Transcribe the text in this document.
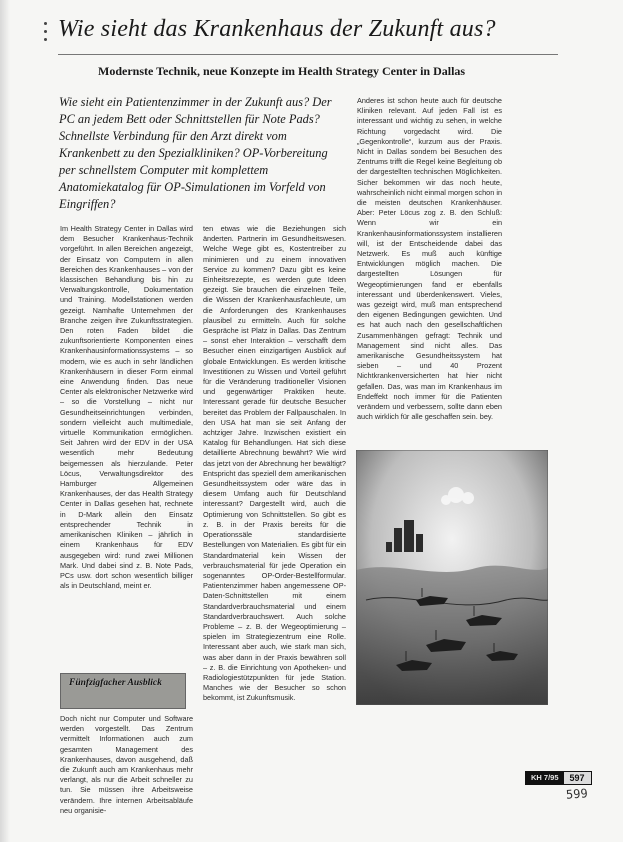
Wie sieht das Krankenhaus der Zukunft aus?
Modernste Technik, neue Konzepte im Health Strategy Center in Dallas
Wie sieht ein Patientenzimmer in der Zukunft aus? Der PC an jedem Bett oder Schnittstellen für Note Pads? Schnellste Verbindung für den Arzt direkt vom Krankenbett zu den Spezialkliniken? OP-Vorbereitung per schnellstem Computer mit komplettem Anatomiekatalog für OP-Simulationen im Vorfeld von Eingriffen?
Im Health Strategy Center in Dallas wird dem Besucher Krankenhaus-Technik vorgeführt. In allen Bereichen angezeigt, der Einsatz von Computern in allen Bereichen des Krankenhauses – von der klassischen Behandlung bis hin zu Verwaltungskontrolle, Dokumentation und Training. Modellstationen werden gezeigt. Namhafte Unternehmen der Branche zeigen ihre Zukunftsstrategien. Den roten Faden bildet die zukunftsorientierte Komponenten eines Krankenhausinformationssystems – so modern, wie es auch in sehr ländlichen Krankenhäusern in dieser Form einmal eine Anwendung finden. Das neue Center als elektronischer Netzwerke wird – so die Vorstellung – nicht nur Gesundheitseinrichtungen verbinden, sondern vielleicht auch multimediale, virtuelle Kommunikation ermöglichen. Seit Jahren wird der EDV in der USA wesentlich mehr Bedeutung beigemessen als hierzulande. Peter Löcus, Verwaltungsdirektor des Hamburger Allgemeinen Krankenhauses, der das Health Strategy Center in Dallas gesehen hat, rechnete in D-Mark allein den Einsatz entsprechender Technik in amerikanischen Kliniken – jährlich in einem Krankenhaus für EDV ausgegeben wird: rund zwei Millionen Mark. Und dabei sind z. B. Note Pads, PCs usw. dort schon wesentlich billiger als in Deutschland, meint er.
Fünfzigfacher Ausblick
Doch nicht nur Computer und Software werden vorgestellt. Das Zentrum vermittelt Informationen auch zum gesamten Management des Krankenhauses, davon ausgehend, daß die Zukunft auch am Krankenhaus mehr verlangt, als nur die Arbeit schneller zu tun. Sie müssen ihre Arbeitsweise verändern. Ihre internen Arbeitsabläufe neu organisie-
ten etwas wie die Beziehungen sich änderten. Partnerin im Gesundheitswesen. Welche Wege gibt es, Kostentreiber zu minimieren und zu einem innovativen Service zu kommen? Dazu gibt es keine Einheitsrezepte, es werden gute Ideen gezeigt. Sie brauchen die einzelnen Teile, die Wissen der Krankenhausfachleute, um die Anforderungen des Krankenhauses plausibel zu ermitteln. Auch für solche Gespräche ist Platz in Dallas. Das Zentrum – sonst eher Interaktion – verschafft dem Besucher einen einzigartigen Ausblick auf globale Entwicklungen. Es werden kritische Investitionen zu Wissen und Vorteil geführt für die Veränderung traditioneller Visionen und gegenwärtiger Praktiken heute. Interessant gerade für deutsche Besucher bereitet das Problem der Fallpauschalen. In den USA hat man sie seit Anfang der achtziger Jahre. Inzwischen existiert ein Katalog für Behandlungen. Hat sich diese detaillierte Abrechnung bewährt? Wie wird das jetzt von der Abrechnung her bewältigt? Entspricht das speziell dem amerikanischen Gesundheitssystem oder wäre das in diesem Umfang auch für Deutschland interessant? Dargestellt wird, auch die Optimierung von Schnittstellen. So gibt es z. B. in der Praxis bereits für die Operationssäle standardisierte Bestellungen von Materialien. Es gibt für ein Standardmaterial kein Wissen der verbrauchsmaterial für jede Operation ein sogenanntes OP-Order-Bestellformular. Patientenzimmer haben angemessene OP-Daten-Schnittstellen mit einem Standardverbrauchsmaterial und einem Standardverbrauchswert. Auch solche Probleme – z. B. der Wegeoptimierung – spielen im Strategiezentrum eine Rolle. Interessant aber auch, wie stark man sich, was aber dann in der Praxis bewähren soll – z. B. die Einrichtung von Apotheken- und Radiologiestützpunkten für jede Station. Manches wie der Besucher so schon bekommt, ist Zukunftsmusik.
Anderes ist schon heute auch für deutsche Kliniken relevant. Auf jeden Fall ist es interessant und wichtig zu sehen, in welche Richtung vorgedacht wird. Die „Gegenkontrolle“, kurzum aus der Praxis. Nicht in Dallas sondern bei Besuchen des Zentrums trifft die Regel keine Begleitung ob der dargestellten technischen Möglichkeiten. Sicher bekommen wir das noch heute, wahrscheinlich nicht einmal morgen schon in die meisten deutschen Krankenhäuser. Aber: Peter Löcus zog z. B. den Schluß: Wenn wir ein Krankenhausinformationssystem installieren will, ist der Entscheidende dabei das Netzwerk. Es muß auch künftige Entwicklungen möglich machen. Die dargestellten Lösungen für Wegeoptimierungen fand er ebenfalls interessant und überdenkenswert. Vieles, was gezeigt wird, muß man entsprechend den eigenen Bedingungen gewichten. Und es hat auch nach den gesellschaftlichen Zusammenhängen gefragt: Technik und Management sind nicht alles. Das amerikanische Gesundheitssystem hat sieben – und 40 Prozent Nichtkrankenversicherten hat hier nicht gefallen. Das, was man im Krankenhaus im Endeffekt noch immer für die Patienten verändern und verbessern, sollte dann eben auch wirklich für alle geschaffen sein. bey.
KH 7/95	597
599
